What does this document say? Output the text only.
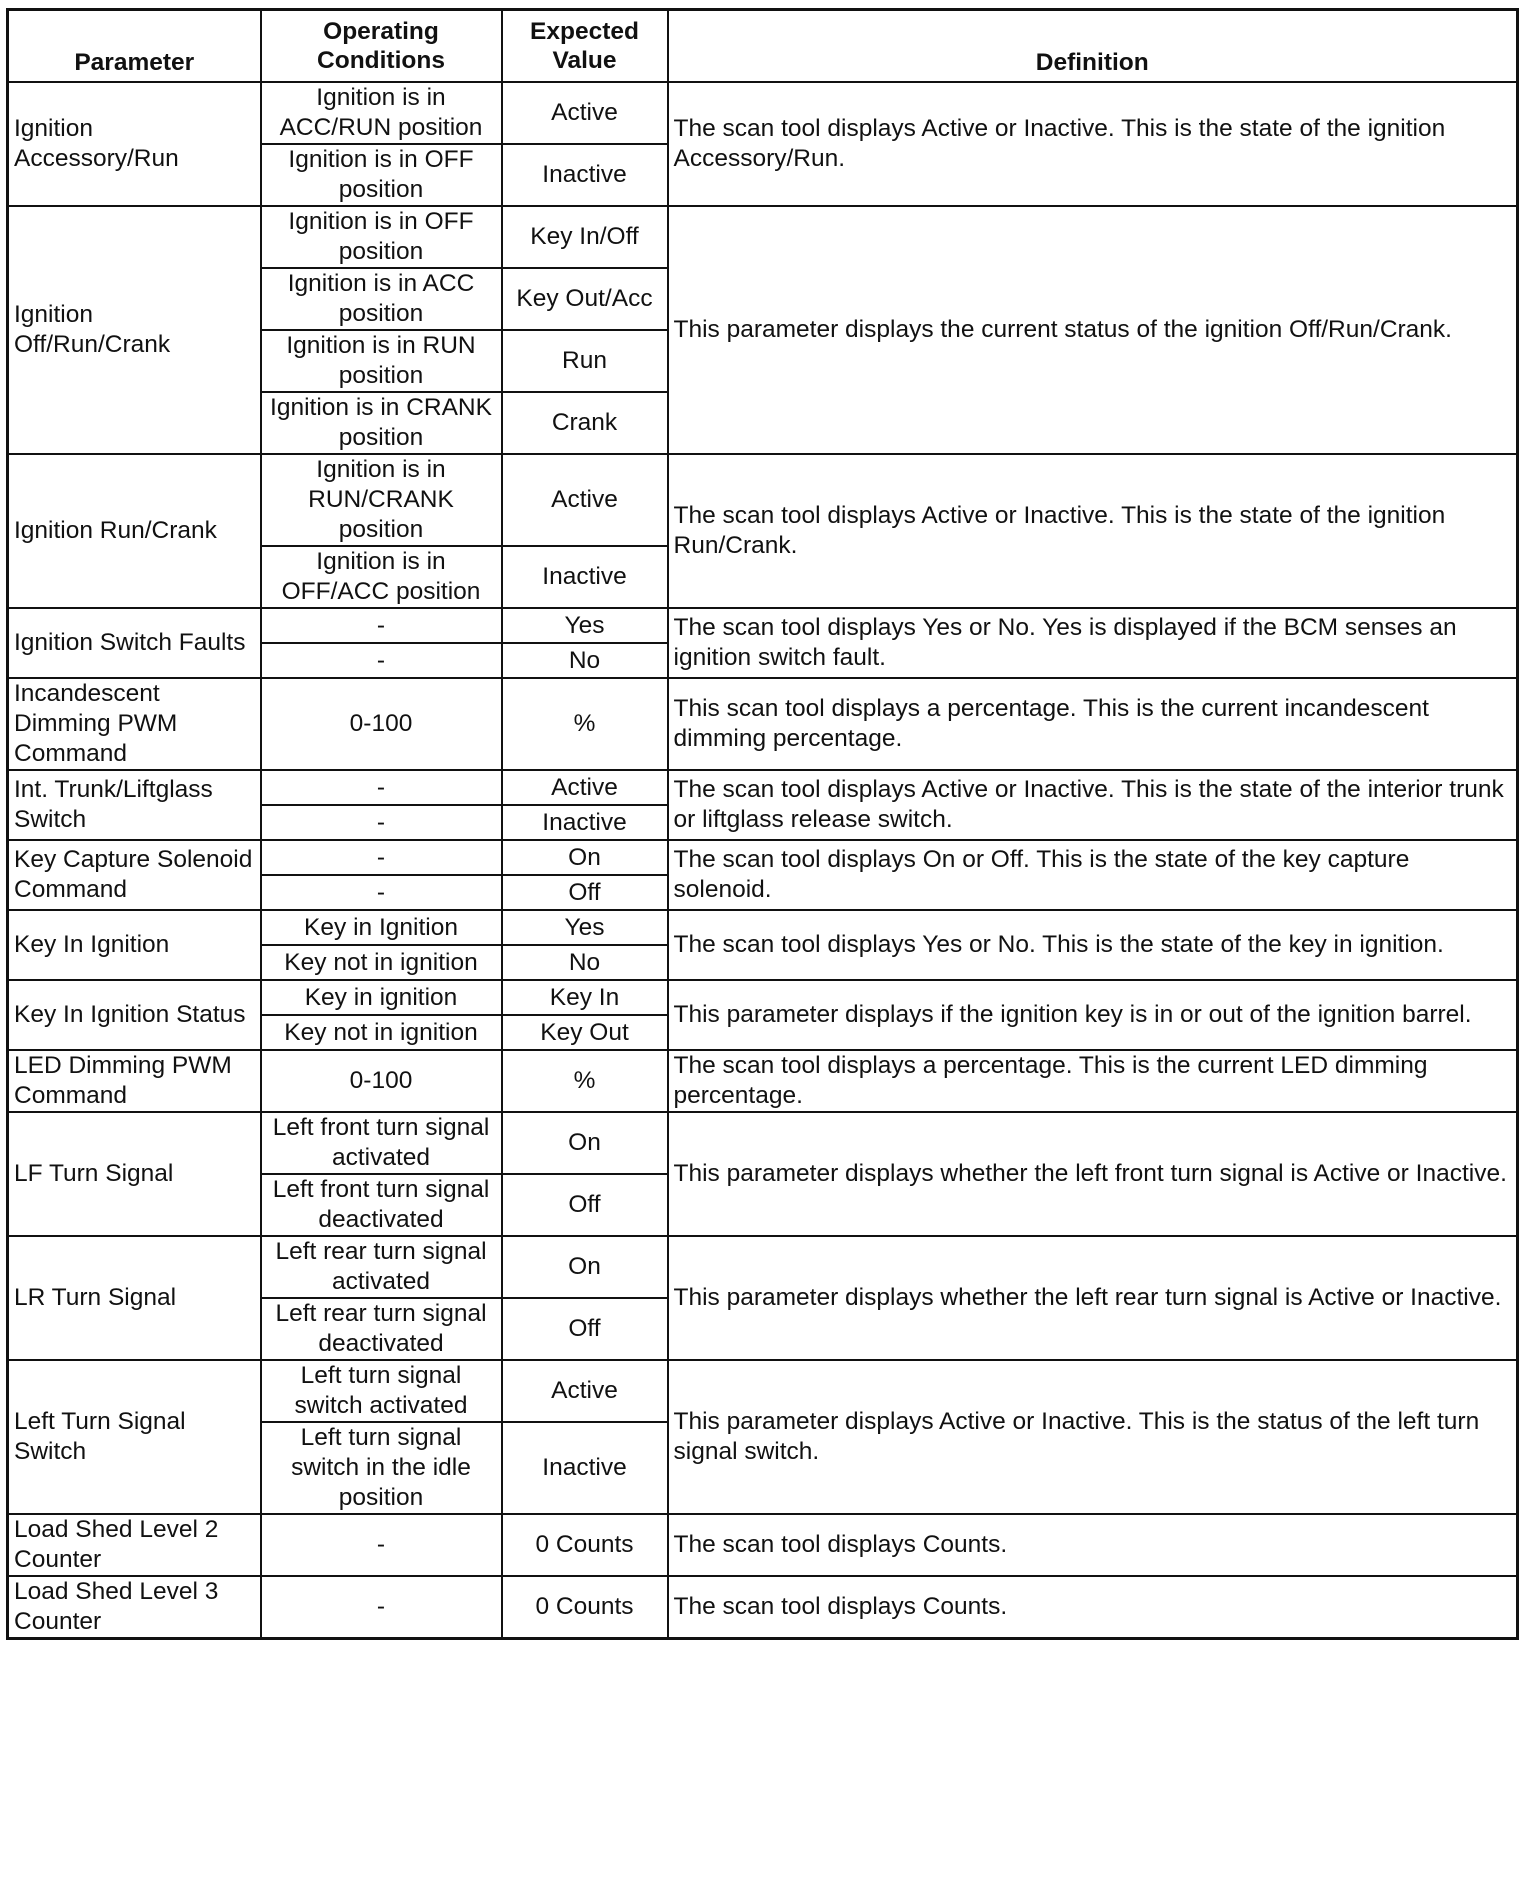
Parameter	Operating Conditions	Expected Value	Definition
Ignition Accessory/Run	Ignition is in ACC/RUN position	Active	The scan tool displays Active or Inactive. This is the state of the ignition Accessory/Run.
	Ignition is in OFF position	Inactive	
Ignition Off/Run/Crank	Ignition is in OFF position	Key In/Off	This parameter displays the current status of the ignition Off/Run/Crank.
	Ignition is in ACC position	Key Out/Acc	
	Ignition is in RUN position	Run	
	Ignition is in CRANK position	Crank	
Ignition Run/Crank	Ignition is in RUN/CRANK position	Active	The scan tool displays Active or Inactive. This is the state of the ignition Run/Crank.
	Ignition is in OFF/ACC position	Inactive	
Ignition Switch Faults	-	Yes	The scan tool displays Yes or No. Yes is displayed if the BCM senses an ignition switch fault.
	-	No	
Incandescent Dimming PWM Command	0-100	%	This scan tool displays a percentage. This is the current incandescent dimming percentage.
Int. Trunk/Liftglass Switch	-	Active	The scan tool displays Active or Inactive. This is the state of the interior trunk or liftglass release switch.
	-	Inactive	
Key Capture Solenoid Command	-	On	The scan tool displays On or Off. This is the state of the key capture solenoid.
	-	Off	
Key In Ignition	Key in Ignition	Yes	The scan tool displays Yes or No. This is the state of the key in ignition.
	Key not in ignition	No	
Key In Ignition Status	Key in ignition	Key In	This parameter displays if the ignition key is in or out of the ignition barrel.
	Key not in ignition	Key Out	
LED Dimming PWM Command	0-100	%	The scan tool displays a percentage. This is the current LED dimming percentage.
LF Turn Signal	Left front turn signal activated	On	This parameter displays whether the left front turn signal is Active or Inactive.
	Left front turn signal deactivated	Off	
LR Turn Signal	Left rear turn signal activated	On	This parameter displays whether the left rear turn signal is Active or Inactive.
	Left rear turn signal deactivated	Off	
Left Turn Signal Switch	Left turn signal switch activated	Active	This parameter displays Active or Inactive. This is the status of the left turn signal switch.
	Left turn signal switch in the idle position	Inactive	
Load Shed Level 2 Counter	-	0 Counts	The scan tool displays Counts.
Load Shed Level 3 Counter	-	0 Counts	The scan tool displays Counts.
